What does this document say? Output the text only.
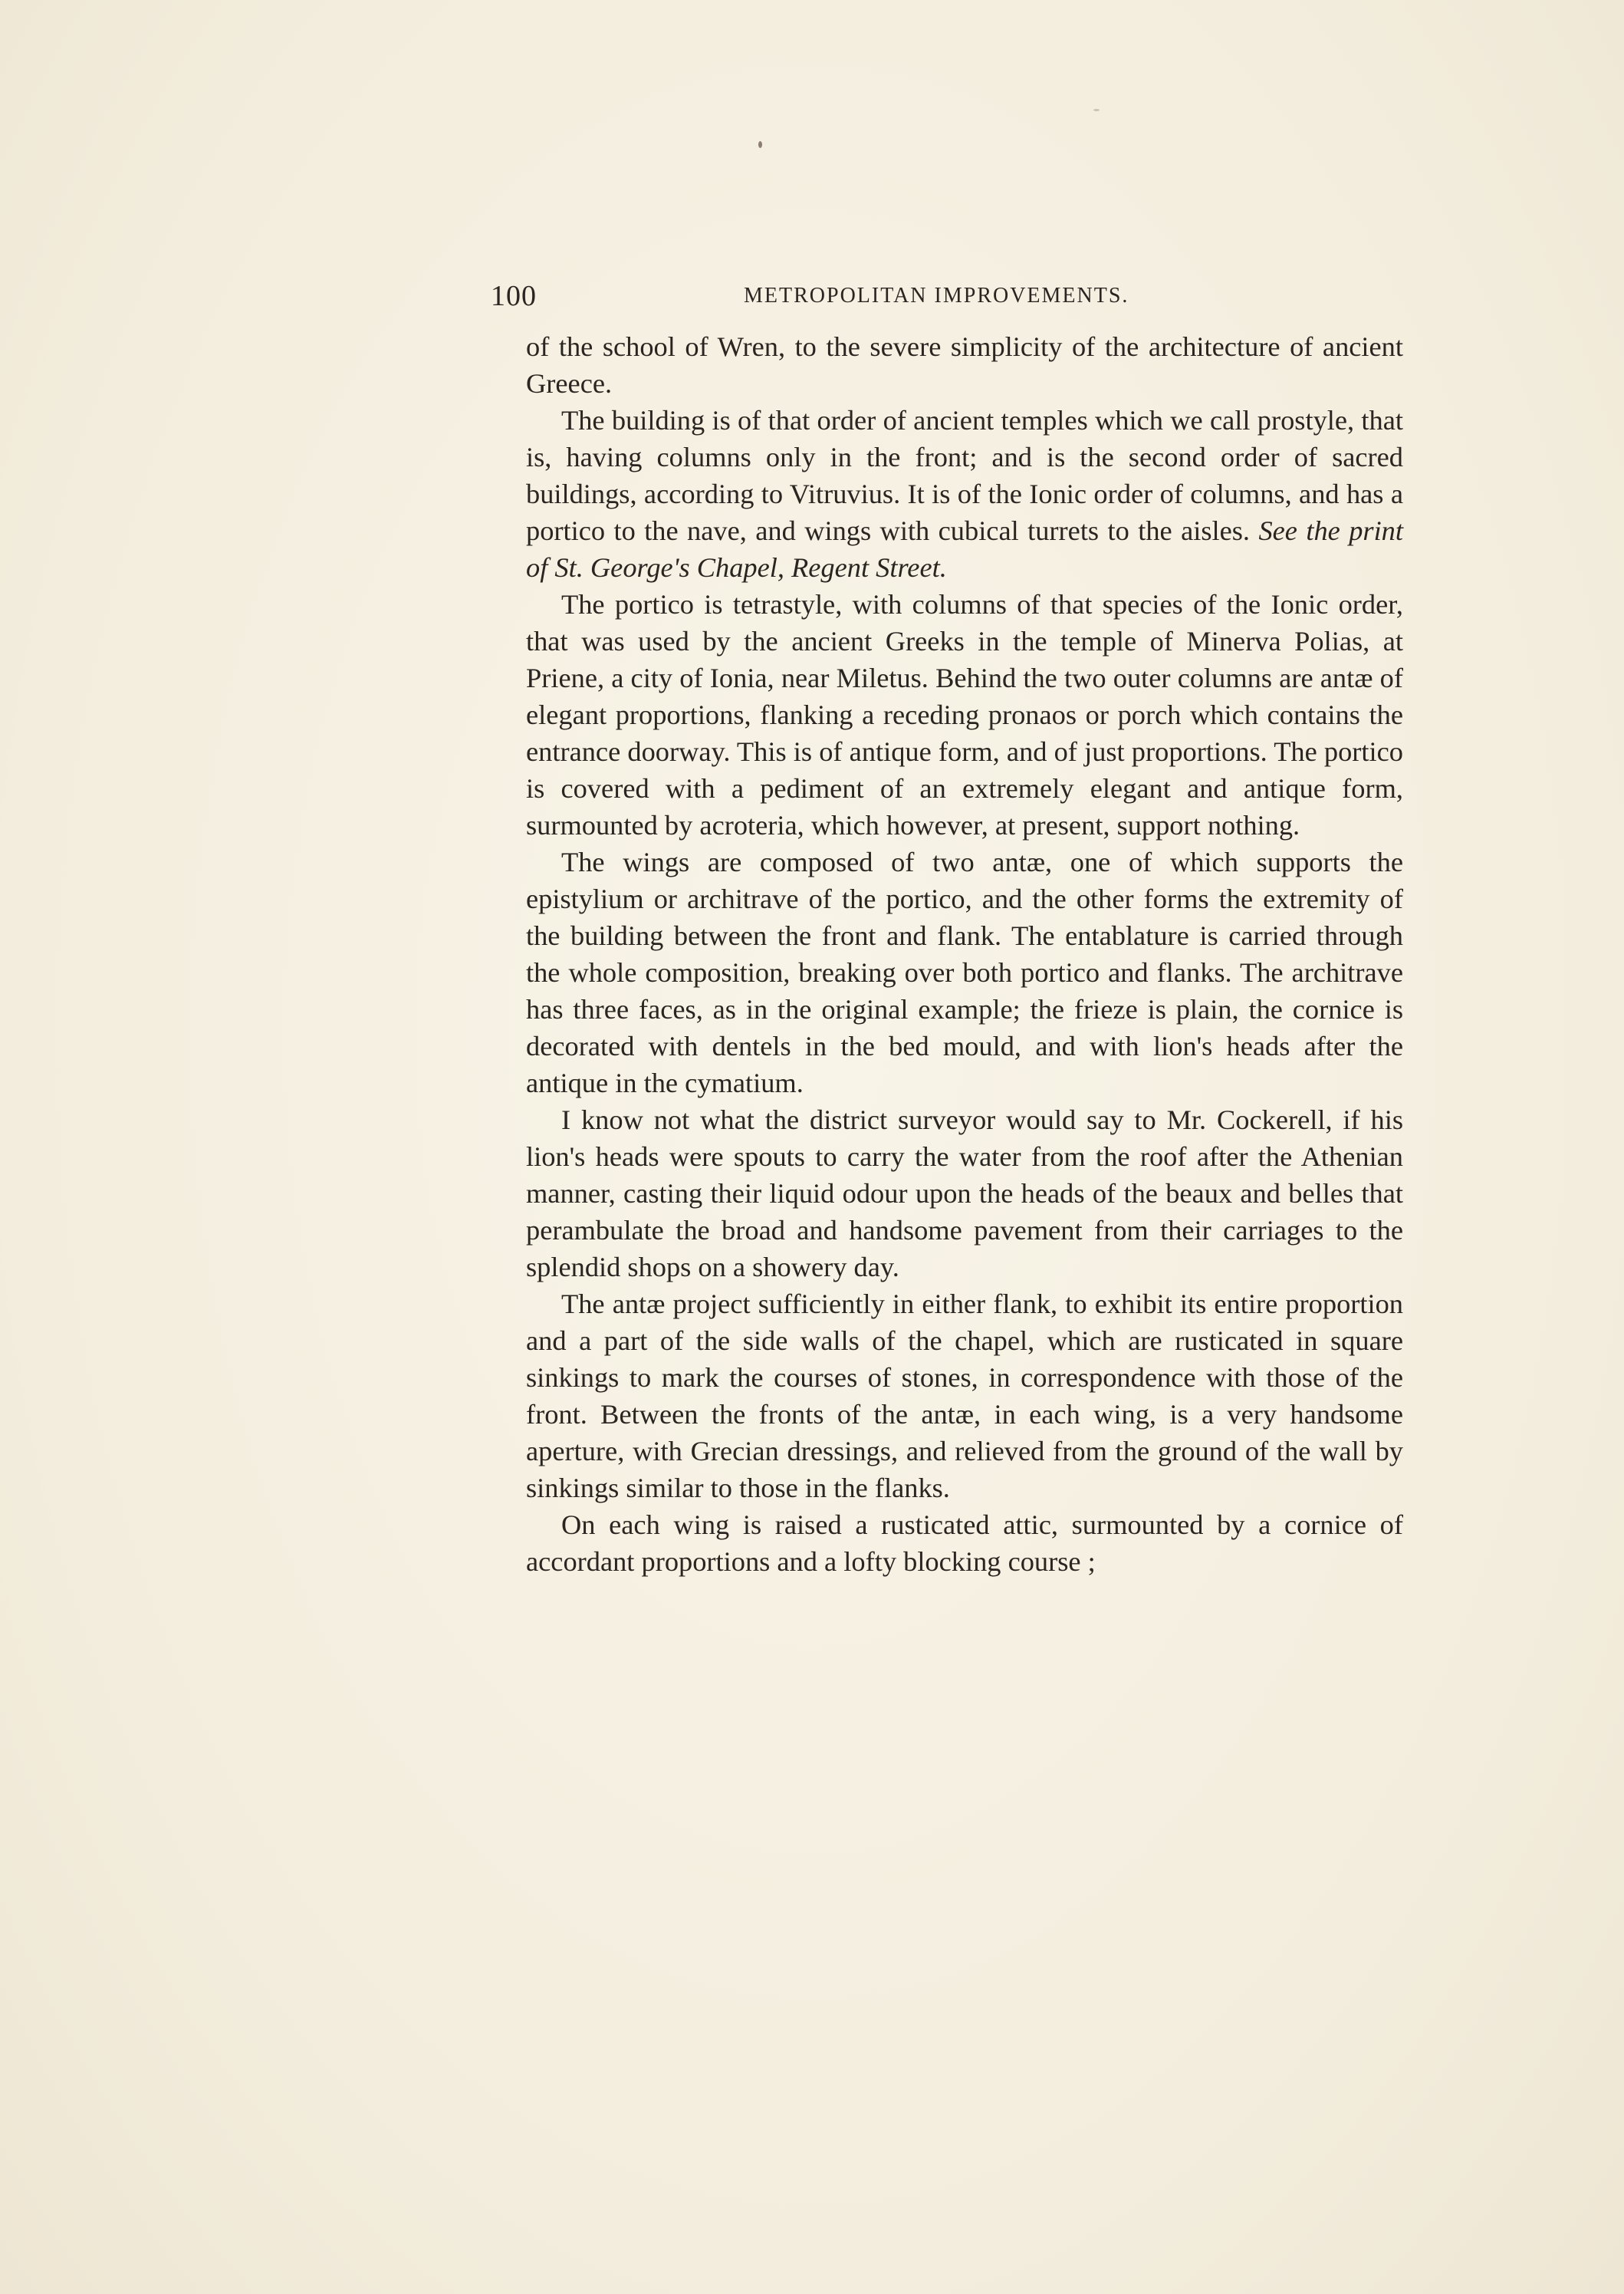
100	METROPOLITAN IMPROVEMENTS.

of the school of Wren, to the severe simplicity of the architecture of ancient Greece.

The building is of that order of ancient temples which we call prostyle, that is, having columns only in the front; and is the second order of sacred buildings, according to Vitruvius. It is of the Ionic order of columns, and has a portico to the nave, and wings with cubical turrets to the aisles. See the print of St. George's Chapel, Regent Street.

The portico is tetrastyle, with columns of that species of the Ionic order, that was used by the ancient Greeks in the temple of Minerva Polias, at Priene, a city of Ionia, near Miletus. Behind the two outer columns are antæ of elegant proportions, flanking a receding pronaos or porch which contains the entrance doorway. This is of antique form, and of just proportions. The portico is covered with a pediment of an extremely elegant and antique form, surmounted by acroteria, which however, at present, support nothing.

The wings are composed of two antæ, one of which supports the epistylium or architrave of the portico, and the other forms the extremity of the building between the front and flank. The entablature is carried through the whole composition, breaking over both portico and flanks. The architrave has three faces, as in the original example; the frieze is plain, the cornice is decorated with dentels in the bed mould, and with lion's heads after the antique in the cymatium.

I know not what the district surveyor would say to Mr. Cockerell, if his lion's heads were spouts to carry the water from the roof after the Athenian manner, casting their liquid odour upon the heads of the beaux and belles that perambulate the broad and handsome pavement from their carriages to the splendid shops on a showery day.

The antæ project sufficiently in either flank, to exhibit its entire proportion and a part of the side walls of the chapel, which are rusticated in square sinkings to mark the courses of stones, in correspondence with those of the front. Between the fronts of the antæ, in each wing, is a very handsome aperture, with Grecian dressings, and relieved from the ground of the wall by sinkings similar to those in the flanks.

On each wing is raised a rusticated attic, surmounted by a cornice of accordant proportions and a lofty blocking course ;
